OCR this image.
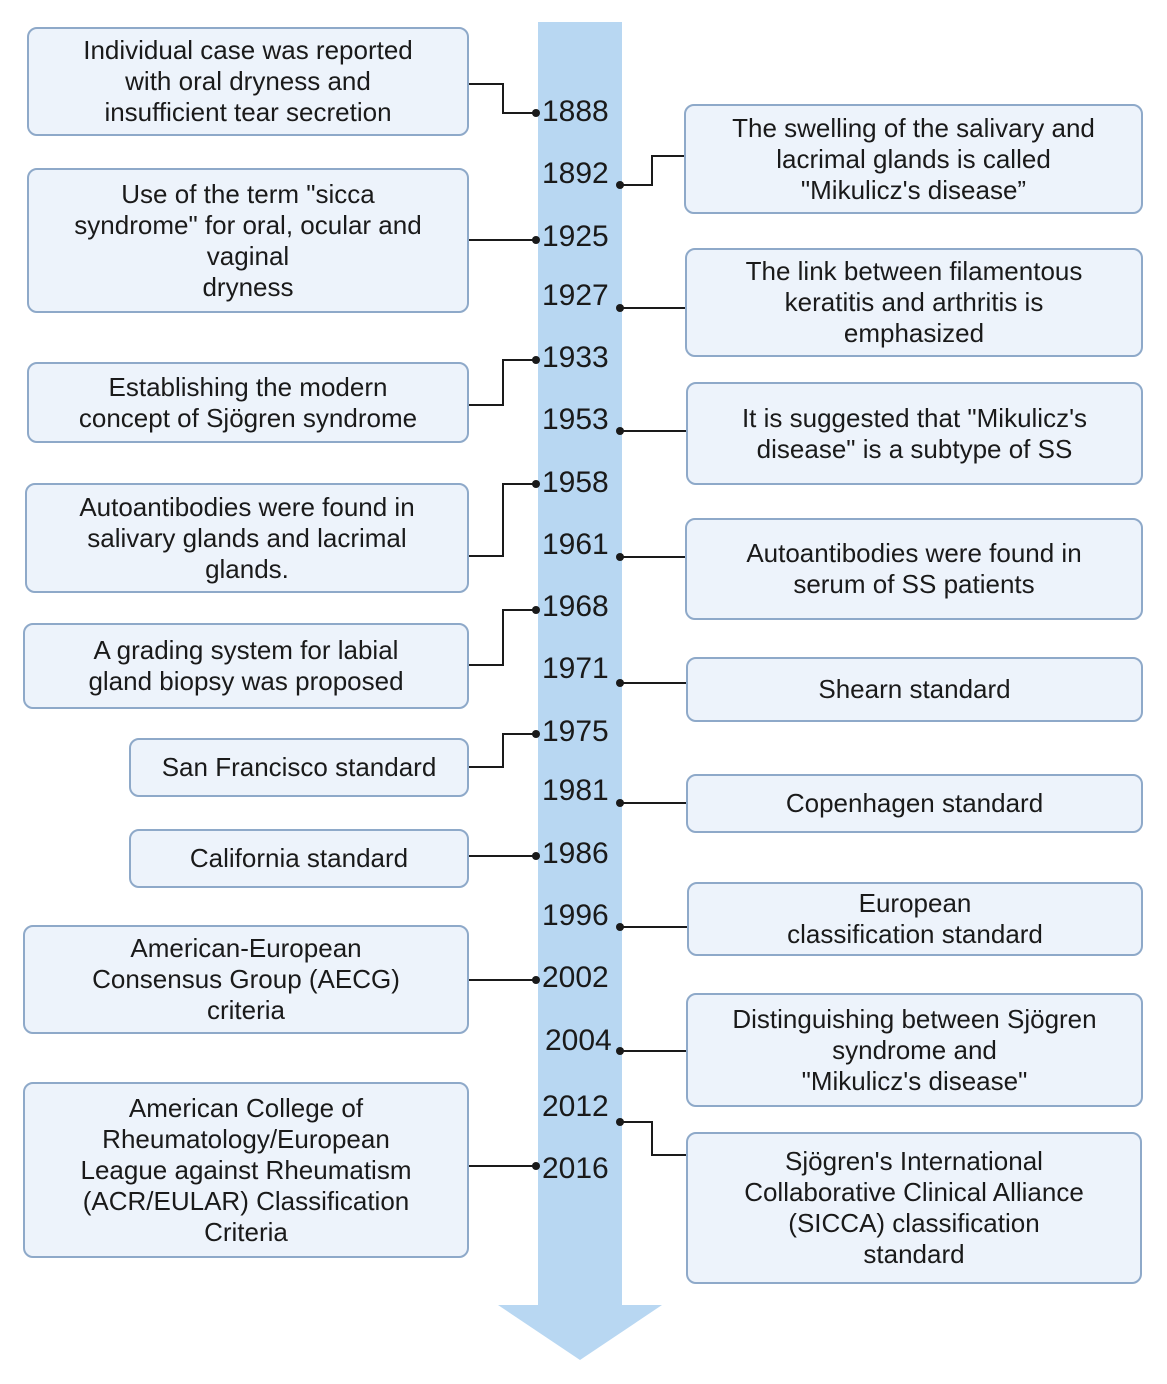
Individual case was reported
with oral dryness and
insufficient tear secretion
Use of the term "sicca
syndrome" for oral, ocular and
vaginal
dryness
Establishing the modern
concept of Sjögren syndrome
Autoantibodies were found in
salivary glands and lacrimal
glands.
A grading system for labial
gland biopsy was proposed
San Francisco standard
California standard
American-European
Consensus Group (AECG)
criteria
American College of
Rheumatology/European
League against Rheumatism
(ACR/EULAR) Classification
Criteria
The swelling of the salivary and
lacrimal glands is called
"Mikulicz's disease”
The link between filamentous
keratitis and arthritis is
emphasized
It is suggested that "Mikulicz's
disease" is a subtype of SS
Autoantibodies were found in
serum of SS patients
Shearn standard
Copenhagen standard
European
classification standard
Distinguishing between Sjögren
syndrome and
"Mikulicz's disease"
Sjögren's International
Collaborative Clinical Alliance
(SICCA) classification
standard
1888
1892
1925
1927
1933
1953
1958
1961
1968
1971
1975
1981
1986
1996
2002
2004
2012
2016
